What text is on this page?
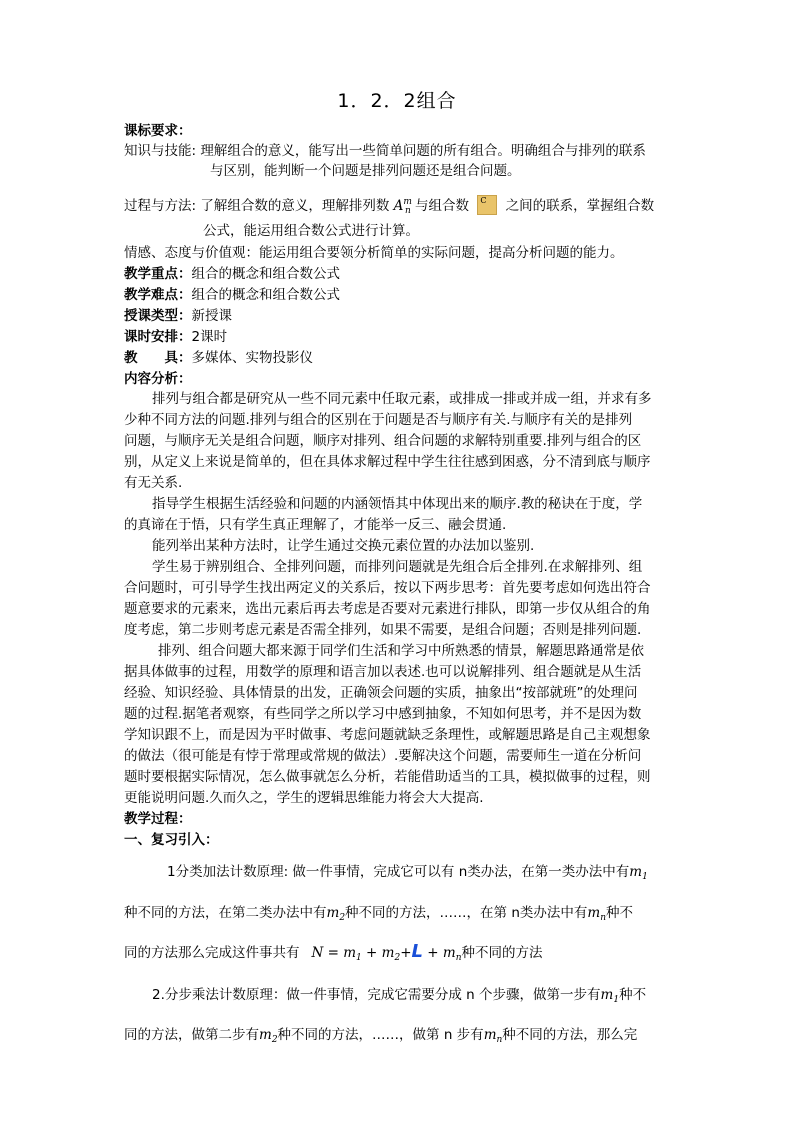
1．2．2组合
课标要求：
知识与技能: 理解组合的意义，能写出一些简单问题的所有组合。明确组合与排列的联系
与区别，能判断一个问题是排列问题还是组合问题。
过程与方法: 了解组合数的意义，理解排列数 $A^m_n$ 与组合数 C 之间的联系，掌握组合数
公式，能运用组合数公式进行计算。
情感、态度与价值观：能运用组合要领分析简单的实际问题，提高分析问题的能力。
教学重点：组合的概念和组合数公式
教学难点：组合的概念和组合数公式
授课类型：新授课
课时安排：2课时
教　　具：多媒体、实物投影仪
内容分析：
排列与组合都是研究从一些不同元素中任取元素，或排成一排或并成一组，并求有多
少种不同方法的问题.排列与组合的区别在于问题是否与顺序有关.与顺序有关的是排列
问题，与顺序无关是组合问题，顺序对排列、组合问题的求解特别重要.排列与组合的区
别，从定义上来说是简单的，但在具体求解过程中学生往往感到困惑，分不清到底与顺序
有无关系.
指导学生根据生活经验和问题的内涵领悟其中体现出来的顺序.教的秘诀在于度，学
的真谛在于悟，只有学生真正理解了，才能举一反三、融会贯通.
能列举出某种方法时，让学生通过交换元素位置的办法加以鉴别.
学生易于辨别组合、全排列问题，而排列问题就是先组合后全排列.在求解排列、组
合问题时，可引导学生找出两定义的关系后，按以下两步思考：首先要考虑如何选出符合
题意要求的元素来，选出元素后再去考虑是否要对元素进行排队，即第一步仅从组合的角
度考虑，第二步则考虑元素是否需全排列，如果不需要，是组合问题；否则是排列问题.
排列、组合问题大都来源于同学们生活和学习中所熟悉的情景，解题思路通常是依
据具体做事的过程，用数学的原理和语言加以表述.也可以说解排列、组合题就是从生活
经验、知识经验、具体情景的出发，正确领会问题的实质，抽象出“按部就班”的处理问
题的过程.据笔者观察，有些同学之所以学习中感到抽象，不知如何思考，并不是因为数
学知识跟不上，而是因为平时做事、考虑问题就缺乏条理性，或解题思路是自己主观想象
的做法（很可能是有悖于常理或常规的做法）.要解决这个问题，需要师生一道在分析问
题时要根据实际情况，怎么做事就怎么分析，若能借助适当的工具，模拟做事的过程，则
更能说明问题.久而久之，学生的逻辑思维能力将会大大提高.
教学过程：
一、复习引入：
1分类加法计数原理: 做一件事情，完成它可以有 n类办法，在第一类办法中有$m_1$
种不同的方法，在第二类办法中有$m_2$种不同的方法，……，在第 n类办法中有$m_n$种不
同的方法那么完成这件事共有 $N = m_1 + m_2+L + m_n$种不同的方法
2.分步乘法计数原理：做一件事情，完成它需要分成 n 个步骤，做第一步有$m_1$种不
同的方法，做第二步有$m_2$种不同的方法，……，做第 n 步有$m_n$种不同的方法，那么完
